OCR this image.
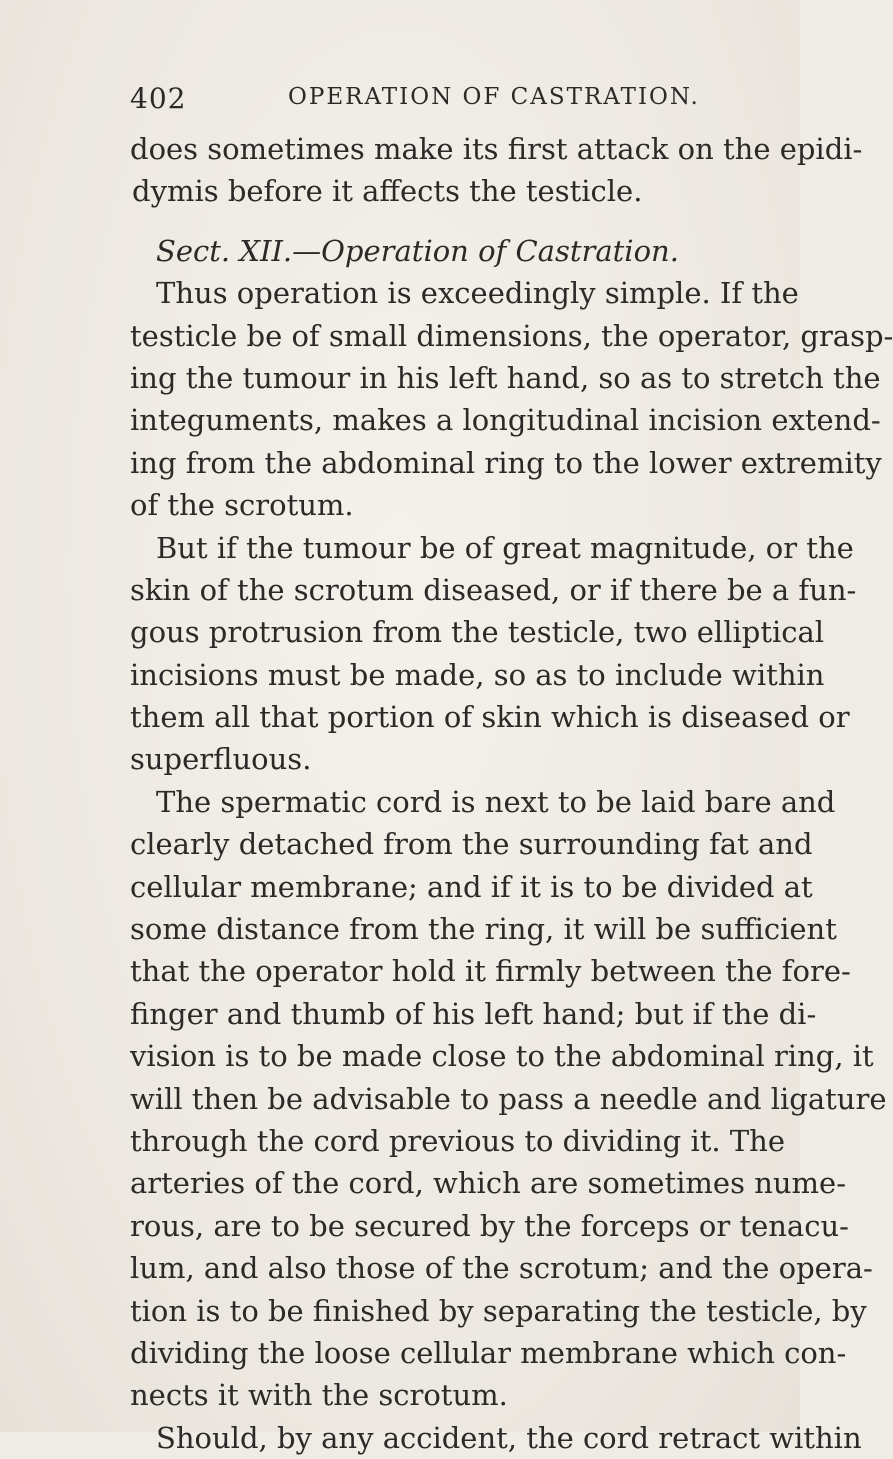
402	OPERATION OF CASTRATION.
does sometimes make its first attack on the epidi-
dymis before it affects the testicle.
Sect. XII.—Operation of Castration.
Thus operation is exceedingly simple. If the
testicle be of small dimensions, the operator, grasp-
ing the tumour in his left hand, so as to stretch the
integuments, makes a longitudinal incision extend-
ing from the abdominal ring to the lower extremity
of the scrotum.
But if the tumour be of great magnitude, or the
skin of the scrotum diseased, or if there be a fun-
gous protrusion from the testicle, two elliptical
incisions must be made, so as to include within
them all that portion of skin which is diseased or
superfluous.
The spermatic cord is next to be laid bare and
clearly detached from the surrounding fat and
cellular membrane; and if it is to be divided at
some distance from the ring, it will be sufficient
that the operator hold it firmly between the fore-
finger and thumb of his left hand; but if the di-
vision is to be made close to the abdominal ring, it
will then be advisable to pass a needle and ligature
through the cord previous to dividing it. The
arteries of the cord, which are sometimes nume-
rous, are to be secured by the forceps or tenacu-
lum, and also those of the scrotum; and the opera-
tion is to be finished by separating the testicle, by
dividing the loose cellular membrane which con-
nects it with the scrotum.
Should, by any accident, the cord retract within
